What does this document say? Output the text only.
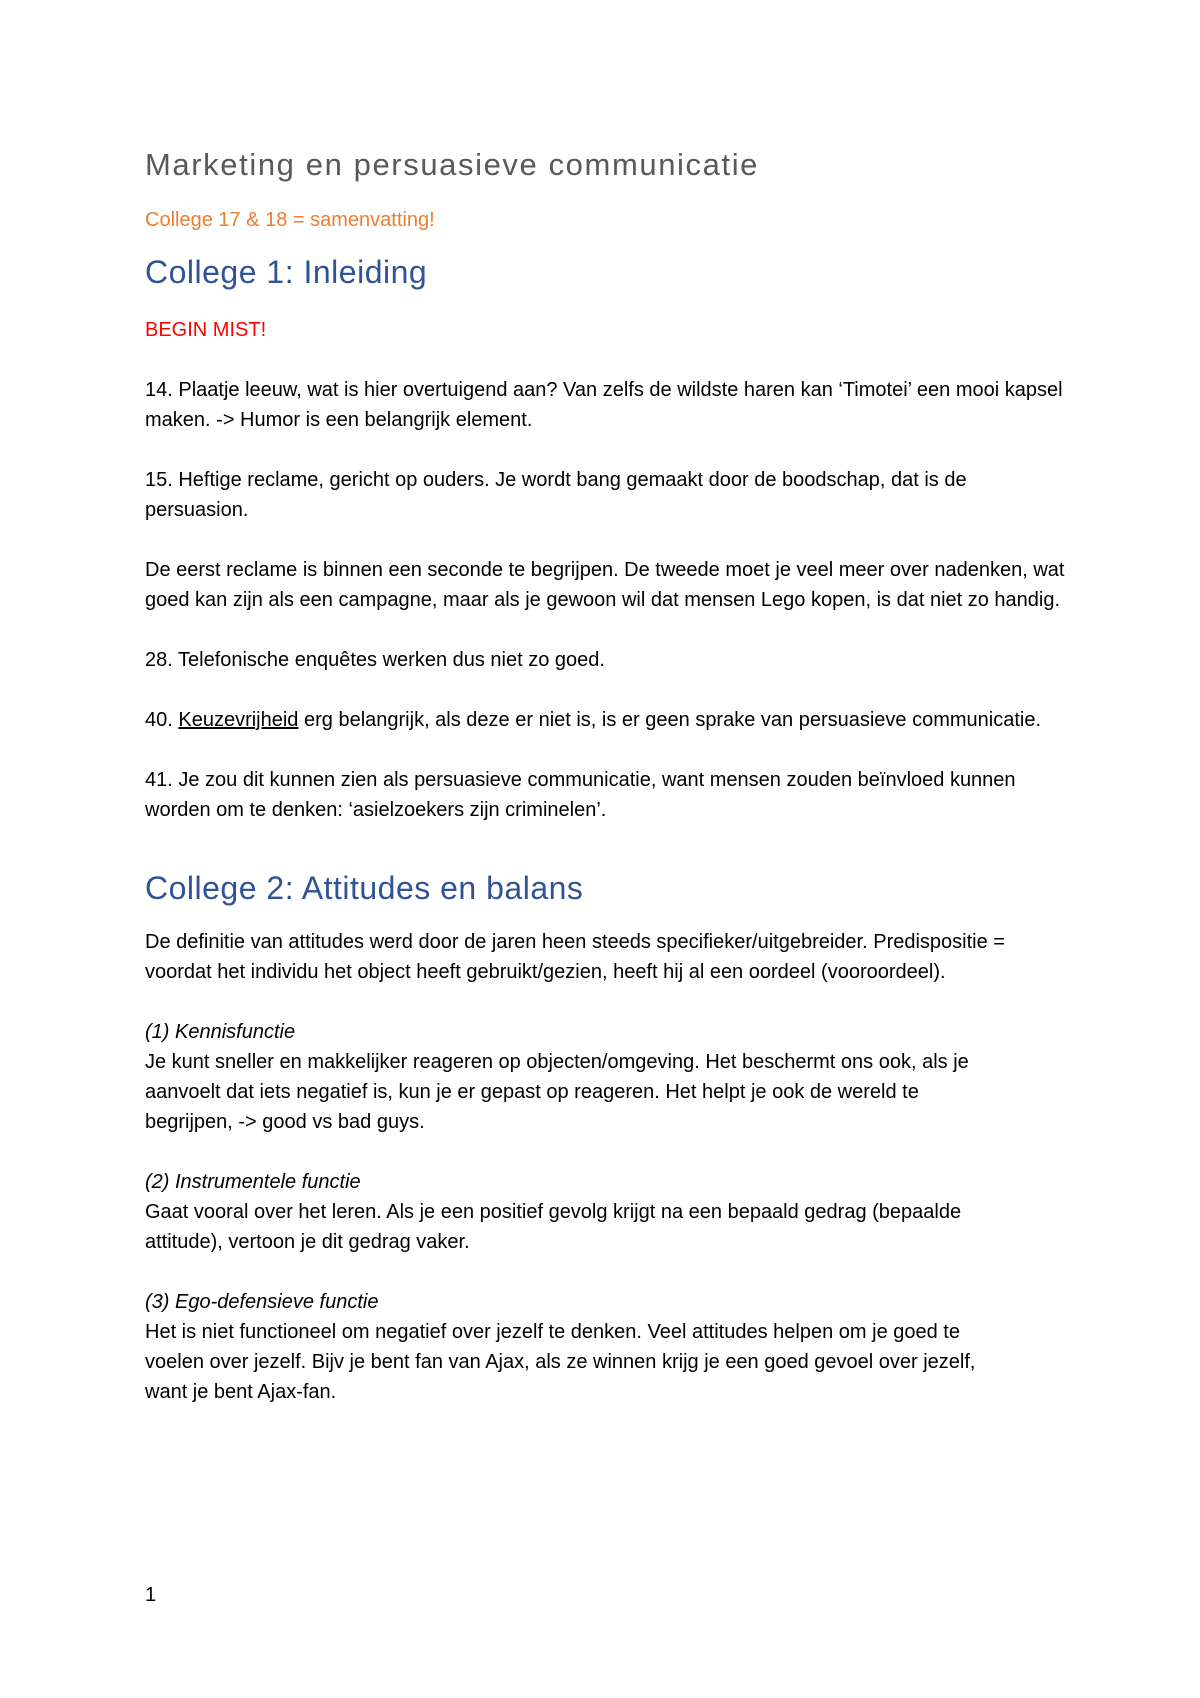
Marketing en persuasieve communicatie
College 17 & 18 = samenvatting!
College 1: Inleiding
BEGIN MIST!
14. Plaatje leeuw, wat is hier overtuigend aan? Van zelfs de wildste haren kan ‘Timotei’ een mooi kapsel maken. -> Humor is een belangrijk element.
15. Heftige reclame, gericht op ouders. Je wordt bang gemaakt door de boodschap, dat is de persuasion.
De eerst reclame is binnen een seconde te begrijpen. De tweede moet je veel meer over nadenken, wat goed kan zijn als een campagne, maar als je gewoon wil dat mensen Lego kopen, is dat niet zo handig.
28. Telefonische enquêtes werken dus niet zo goed.
40. Keuzevrijheid erg belangrijk, als deze er niet is, is er geen sprake van persuasieve communicatie.
41. Je zou dit kunnen zien als persuasieve communicatie, want mensen zouden beïnvloed kunnen worden om te denken: ‘asielzoekers zijn criminelen’.
College 2: Attitudes en balans
De definitie van attitudes werd door de jaren heen steeds specifieker/uitgebreider. Predispositie = voordat het individu het object heeft gebruikt/gezien, heeft hij al een oordeel (vooroordeel).
(1) Kennisfunctie
Je kunt sneller en makkelijker reageren op objecten/omgeving. Het beschermt ons ook, als je
aanvoelt dat iets negatief is, kun je er gepast op reageren. Het helpt je ook de wereld te
begrijpen, -> good vs bad guys.
(2) Instrumentele functie
Gaat vooral over het leren. Als je een positief gevolg krijgt na een bepaald gedrag (bepaalde
attitude), vertoon je dit gedrag vaker.
(3) Ego-defensieve functie
Het is niet functioneel om negatief over jezelf te denken. Veel attitudes helpen om je goed te
voelen over jezelf. Bijv je bent fan van Ajax, als ze winnen krijg je een goed gevoel over jezelf,
want je bent Ajax-fan.
1
